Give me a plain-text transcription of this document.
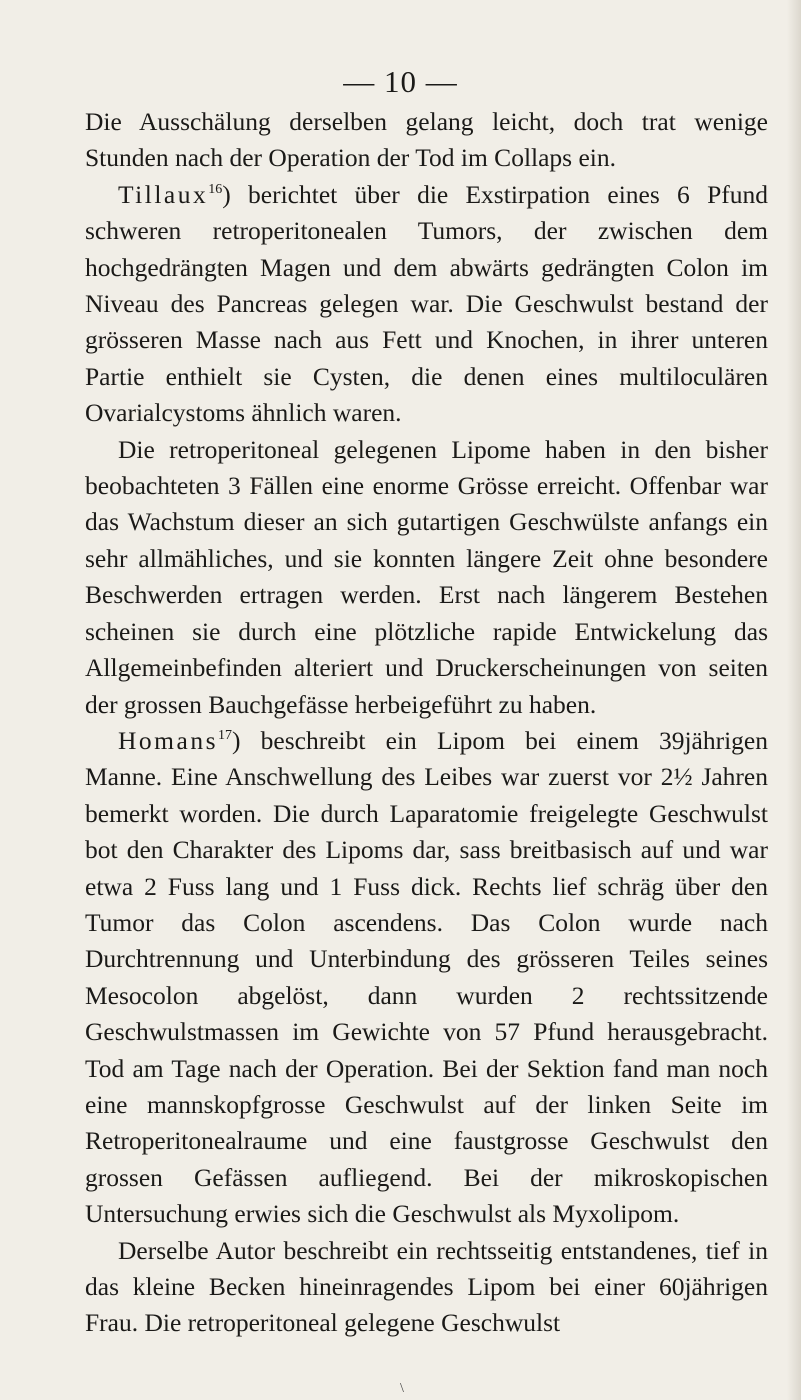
— 10 —

Die Ausschälung derselben gelang leicht, doch trat wenige Stunden nach der Operation der Tod im Collaps ein.

Tillaux$^{16}$) berichtet über die Exstirpation eines 6 Pfund schweren retroperitonealen Tumors, der zwischen dem hochgedrängten Magen und dem abwärts gedrängten Colon im Niveau des Pancreas gelegen war. Die Geschwulst bestand der grösseren Masse nach aus Fett und Knochen, in ihrer unteren Partie enthielt sie Cysten, die denen eines multiloculären Ovarialcystoms ähnlich waren.

Die retroperitoneal gelegenen Lipome haben in den bisher beobachteten 3 Fällen eine enorme Grösse erreicht. Offenbar war das Wachstum dieser an sich gutartigen Geschwülste anfangs ein sehr allmähliches, und sie konnten längere Zeit ohne besondere Beschwerden ertragen werden. Erst nach längerem Bestehen scheinen sie durch eine plötzliche rapide Entwickelung das Allgemeinbefinden alteriert und Druckerscheinungen von seiten der grossen Bauchgefässe herbeigeführt zu haben.

Homans$^{17}$) beschreibt ein Lipom bei einem 39jährigen Manne. Eine Anschwellung des Leibes war zuerst vor 2½ Jahren bemerkt worden. Die durch Laparatomie freigelegte Geschwulst bot den Charakter des Lipoms dar, sass breitbasisch auf und war etwa 2 Fuss lang und 1 Fuss dick. Rechts lief schräg über den Tumor das Colon ascendens. Das Colon wurde nach Durchtrennung und Unterbindung des grösseren Teiles seines Mesocolon abgelöst, dann wurden 2 rechtssitzende Geschwulstmassen im Gewichte von 57 Pfund herausgebracht. Tod am Tage nach der Operation. Bei der Sektion fand man noch eine mannskopfgrosse Geschwulst auf der linken Seite im Retroperitonealraume und eine faustgrosse Geschwulst den grossen Gefässen aufliegend. Bei der mikroskopischen Untersuchung erwies sich die Geschwulst als Myxolipom.

Derselbe Autor beschreibt ein rechtsseitig entstandenes, tief in das kleine Becken hineinragendes Lipom bei einer 60jährigen Frau. Die retroperitoneal gelegene Geschwulst

\
